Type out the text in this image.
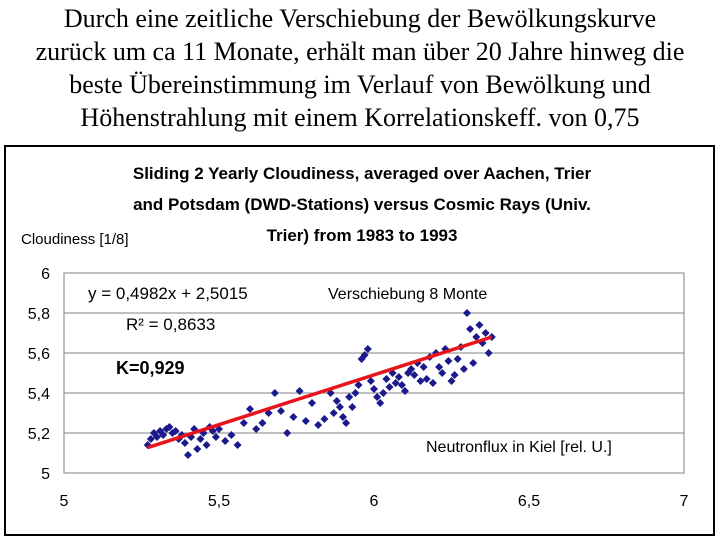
Durch eine zeitliche Verschiebung der Bewölkungskurve
zurück um ca 11 Monate, erhält man über 20 Jahre hinweg die
beste Übereinstimmung im Verlauf von Bewölkung und
Höhenstrahlung mit einem Korrelationskeff. von 0,75
Sliding 2 Yearly Cloudiness, averaged over Aachen, Trier
and Potsdam (DWD-Stations) versus Cosmic Rays (Univ.
Trier) from 1983 to 1993
Cloudiness [1/8]
5
5,2
5,4
5,6
5,8
6
5	5,5	6	6,5	7
y = 0,4982x + 2,5015
R² = 0,8633
K=0,929
Verschiebung 8 Monte
Neutronflux in Kiel [rel. U.]
